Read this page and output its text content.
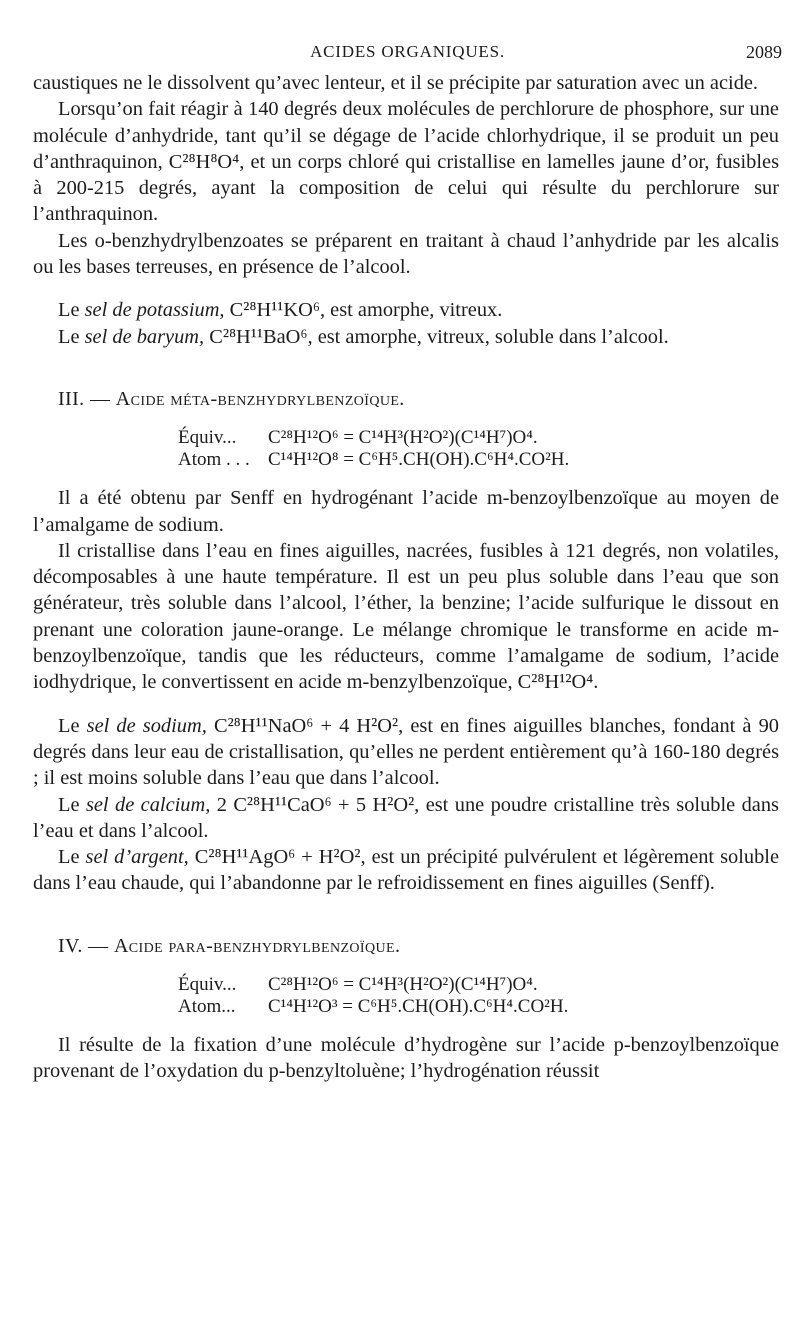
ACIDES ORGANIQUES.	2089

caustiques ne le dissolvent qu’avec lenteur, et il se précipite par saturation avec un acide.

Lorsqu’on fait réagir à 140 degrés deux molécules de perchlorure de phosphore, sur une molécule d’anhydride, tant qu’il se dégage de l’acide chlorhydrique, il se produit un peu d’anthraquinon, C²⁸H⁸O⁴, et un corps chloré qui cristallise en lamelles jaune d’or, fusibles à 200-215 degrés, ayant la composition de celui qui résulte du perchlorure sur l’anthraquinon.

Les o-benzhydrylbenzoates se préparent en traitant à chaud l’anhydride par les alcalis ou les bases terreuses, en présence de l’alcool.

Le sel de potassium, C²⁸H¹¹KO⁶, est amorphe, vitreux.

Le sel de baryum, C²⁸H¹¹BaO⁶, est amorphe, vitreux, soluble dans l’alcool.

III. — Acide méta-benzhydrylbenzoïque.

Équiv... C²⁸H¹²O⁶ = C¹⁴H³(H²O²)(C¹⁴H⁷)O⁴.
Atom . . . C¹⁴H¹²O⁸ = C⁶H⁵.CH(OH).C⁶H⁴.CO²H.

Il a été obtenu par Senff en hydrogénant l’acide m-benzoylbenzoïque au moyen de l’amalgame de sodium.

Il cristallise dans l’eau en fines aiguilles, nacrées, fusibles à 121 degrés, non volatiles, décomposables à une haute température. Il est un peu plus soluble dans l’eau que son générateur, très soluble dans l’alcool, l’éther, la benzine; l’acide sulfurique le dissout en prenant une coloration jaune-orange. Le mélange chromique le transforme en acide m-benzoylbenzoïque, tandis que les réducteurs, comme l’amalgame de sodium, l’acide iodhydrique, le convertissent en acide m-benzylbenzoïque, C²⁸H¹²O⁴.

Le sel de sodium, C²⁸H¹¹NaO⁶ + 4 H²O², est en fines aiguilles blanches, fondant à 90 degrés dans leur eau de cristallisation, qu’elles ne perdent entièrement qu’à 160-180 degrés ; il est moins soluble dans l’eau que dans l’alcool.

Le sel de calcium, 2 C²⁸H¹¹CaO⁶ + 5 H²O², est une poudre cristalline très soluble dans l’eau et dans l’alcool.

Le sel d’argent, C²⁸H¹¹AgO⁶ + H²O², est un précipité pulvérulent et légèrement soluble dans l’eau chaude, qui l’abandonne par le refroidissement en fines aiguilles (Senff).

IV. — Acide para-benzhydrylbenzoïque.

Équiv... C²⁸H¹²O⁶ = C¹⁴H³(H²O²)(C¹⁴H⁷)O⁴.
Atom... C¹⁴H¹²O³ = C⁶H⁵.CH(OH).C⁶H⁴.CO²H.

Il résulte de la fixation d’une molécule d’hydrogène sur l’acide p-benzoylbenzoïque provenant de l’oxydation du p-benzyltoluène; l’hydrogénation réussit
